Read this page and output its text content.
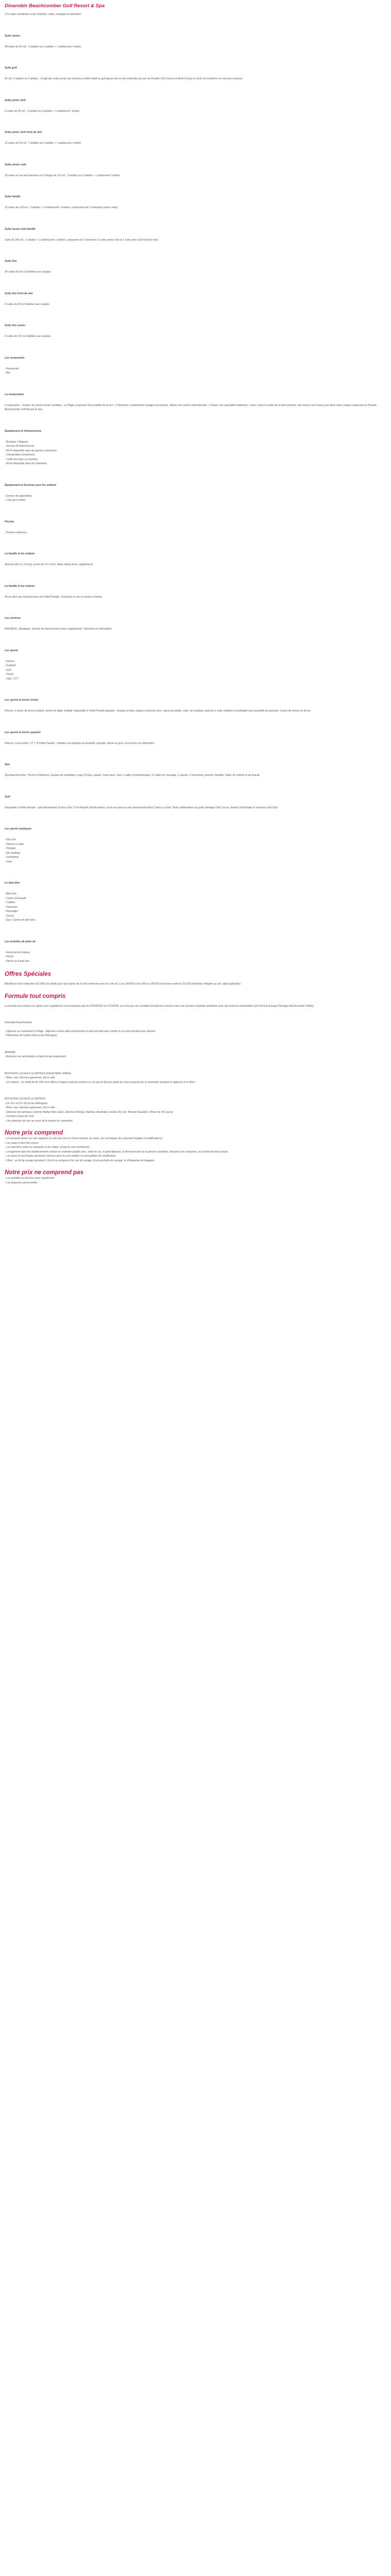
Dinarobin Beachcomber Golf Resort & Spa
175 suites climatisées avec chambre, salon, varangue et télévision.
Suite Junior
98 suites de 65 m2 : 3 adultes ou 2 adultes + 1 adolescent / enfant.
Suite golf
65 m2; 3 adultes ou 2 adultes ; 8 sligt des suites junior qui incluent un billet relatif au golf (green fee et une voiturette par jour au Paradis Golf Course et Mont-Choisy Le Golf, les transferts ne sont pas compris).
Suite junior club
6 suites de 65 m2 : 3 adultes ou 2 adultes + 1 adolescent / enfant.
Suite junior club front de mer
16 suites de 65 m2 : 3 adultes ou 2 adultes + 1 adolescent / enfant.
Suite senior club
18 suites en rez-de-chaussée ou à l'étage de 115 m2 : 3 adultes ou 2 adultes + 1 adolescent / enfant.
Suite famille
15 suites de 130 m2 : 2 adultes + 3 adolescents / enfants, composées de 2 chambres (junior suite).
Suite luxury club famille
Suite de 180 m2 : 2 adultes + 3 adolescents / enfants, composée de 2 chambres (1 suite senior club et 1 suite junior club front de mer).
Suite Zen
24 suites de 65 m2 dédiées aux couples.
Suite Zen front de mer
4 suites de 65 m2 dédiées aux couples.
Suite Zen senior
6 suites de 115 m2 dédiées aux couples.
Les restaurants
- Restaurant
- Bar
La restauration
4 restaurants : Umami, de cuisine fusion asiatique ; La Plage, proposant des produits de la mer ; L'Harmonie, surplombant la plage et la piscine, offrant une cuisine internationale ; Il Gusto, aux spécialités italiennes. 2 bars. Dans le cadre de la demi-pension, des menus sont inclus pour dîner dans chaque restaurant du Paradis Beachcomber Golf Resort & Spa.
Équipement et infrastructure
- Boutique / Magasin
- Service de blanchisserie
- Wi-Fi disponible dans les parties communes
- Climatisation (chambres)
- Coffre-fort dans la chambre
- Wi-Fi disponible dans les chambres
Équipement et Services pour les enfants
- Service de babysitting
- Club pour enfant
Piscine
- Piscine extérieure
La famille et les enfants
Miniclub (de 3 à 12 ans) ouvert de 9 h à 23 h. Baby-sitting (avec supplément).
La famille et les enfants
Accès libre aux infrastructures de l'hôtel Paradis. Orchestre le soir et soirées à thème.
Les services
WIFI/ADSL. Boutiques. Service de blanchisserie (avec supplément). Transferts en hélicoptère.
Les sports
- Fitness
- Football
- Golf
- Tennis
- Vélo / VTT
Les sports et loisirs inclus
Piscine, 3 courts de tennis éclairés, tennis de table, football. Disponible à l'hôtel Paradis (gratuit) : masque et tuba, bateau à fond de verre, stand up paddle, voile, ski nautique, planche à voile, initiation à la plongée avec bouteille (en piscine). Centre de remise en forme.
Les sports et loisirs payants
Kitesurf, cours privés, VTT. À l'hôtel Paradis : initiation à la plongée en bouteille, plongée, pêche au gros. Excursions en hélicoptère.
Spa
Spa Beachcomber, The Art of Wellness. Espace de méditation, yoga Qi-Gog, espace "suite eaux" avec 2 salles d'hydrothérapie, 11 salles de massage, 2 saunas, 2 hammams, piscine chauffée. Salon de coiffure et de beauté.
Golf
Disponible à l'hôtel Paradis : golf international 18 trous (Par 72 et Paradis Golf Academy, accès au parcours de championnat Mont Choisy Le Golf. Tarifs préférentiels aux golfs Heritage Golf Course, Avalon Golf Estate et Tamarina Golf Club.
Les sports nautiques
- Kite surf
- Planche à voile
- Plongée
- Ski nautique
- Snorkeling
- Voile
Le bien être
- Bien être
- Centre de beauté
- Coiffeur
- Hammam
- Massages
- Sauna
- Spa / Centre de bien-être
Les activités de plein air
- Excursion en bateau
- Pêche
- Pêche en haute mer
Offres Spéciales
Bénéficiez d'une réduction de 100€ par adulte pour tout séjour de 5 nuits minimum avec les vols du 11 au 28/3/20 et du 29/5 au 26/6/20 à réserver avant le 31/1/20 (réduction intégrée au prix, déjà appliquée).
Formule tout compris
La formule tout compris en option avec supplément n'est proposée que du 20/04/2020 au 2/10/2020, ça n'est pas une véritable formule tout compris mais une pension complète améliorée avec des boissons disponibles (voir formule Escape Package Beachcomber Hotels) :
Dinarobin Beachcomber
- Déjeuner au restaurant La Plage : déjeuner à deux plats comprenant un plat principal avec entrée ou un plat principal avec dessert
- Pâtisseries de l'après-midi au bar Mahogany
MINIBAR
- Boissons non alcoolisées et bière locale uniquement
BOISSONS LOCALES ILLIMITÉES (DÉJEUNER, DÎNER)
- Bière, eau, boissons gazeuses, thé et café
- Vin maison : un crédit de Rs 600 sera offert à chaque invité qui choisira un vin qui ne fait pas partie du choix proposé par la sommelier pendant le déjeuner et le dîner.
BOISSONS LOCALES ILLIMITÉES
- De 10 h à 23 h 30 au bar Mahogany
- Bière, eau, boissons gazeuses, thé et café
- Sélection de spiritueux (Johnny Walker Red Label, Jameson Whisky, Irlandais, Beefeater London Dry Gin, Bronely Napoléon, Rhum de l'île sucré)
- Cocktail à base de rhum
- Une sélection de vins au verre de la maison du sommelier.
Notre prix comprend
- Le transport aérien sur vols réguliers ou vols low cost en classe touriste, les taxes, les surcharges de carburant (sujettes à modifications)
- Les repas à bord des avions
- Les transferts entre les aéroports et les hôtels, lorsqu'ils sont mentionnés
- Le logement dans les établissements choisis en chambre double avec, selon le cas, le petit déjeuner, la demi-pension ou la pension complète, boissons non comprises, ou la formule tout compris
- Les taxes et surcharges aériennes incluses dans les prix publiés et susceptibles de modification
- Offert : un kit de voyage (pendant 1 Go kit se compose d'un sac de voyage, d'une pochette de voyage, et d'étiquettes de bagages.
Notre prix ne comprend pas
- Les activités ou services avec supplément
- Les dépenses personnelles
